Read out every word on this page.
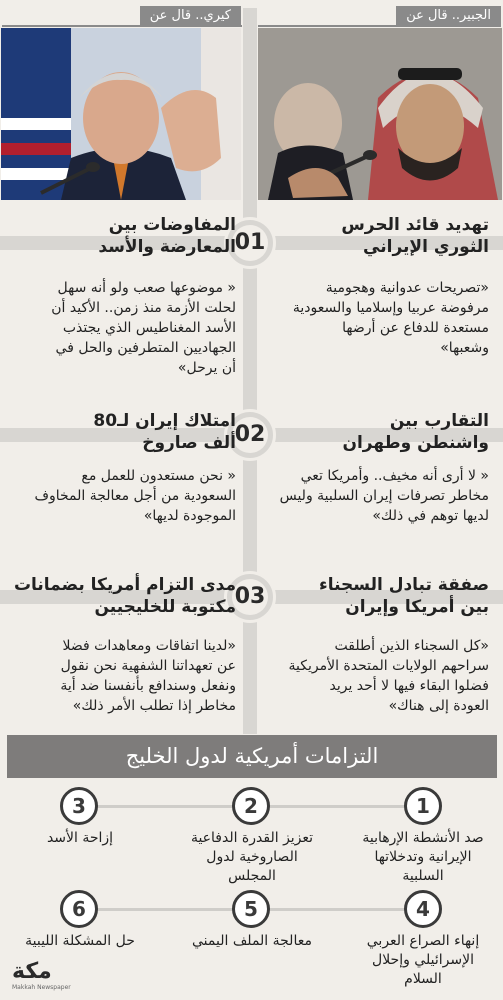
الجبير.. قال عن
كيري.. قال عن
01
تهديد قائد الحرس
الثوري الإيراني
المفاوضات بين
المعارضة والأسد
«تصريحات عدوانية وهجومية
مرفوضة عربيا وإسلاميا والسعودية
مستعدة للدفاع عن أرضها
وشعبها»
« موضوعها صعب ولو أنه سهل
لحلت الأزمة منذ زمن.. الأكيد أن
الأسد المغناطيس الذي يجتذب
الجهاديين المتطرفين والحل في
أن يرحل»
02
التقارب بين
واشنطن وطهران
امتلاك إيران لـ80
ألف صاروخ
« لا أرى أنه مخيف.. وأمريكا تعي
مخاطر تصرفات إيران السلبية وليس
لديها توهم في ذلك»
« نحن مستعدون للعمل مع
السعودية من أجل معالجة المخاوف
الموجودة لديها»
03	صفقة تبادل السجناء
بين أمريكا وإيران
مدى التزام أمريكا بضمانات
مكتوبة للخليجيين
«كل السجناء الذين أطلقت
سراحهم الولايات المتحدة الأمريكية
فضلوا البقاء فيها لا أحد يريد
العودة إلى هناك»
«لدينا اتفاقات ومعاهدات فضلا
عن تعهداتنا الشفهية نحن نقول
ونفعل وسندافع بأنفسنا ضد أية
مخاطر إذا تطلب الأمر ذلك»
التزامات أمريكية لدول الخليج
1
2
3
صد الأنشطة الإرهابية
الإيرانية وتدخلاتها
السلبية
تعزيز القدرة الدفاعية
الصاروخية لدول
المجلس
إزاحة الأسد
4
5
6
إنهاء الصراع العربي
الإسرائيلي وإحلال
السلام
معالجة الملف اليمني
حل المشكلة الليبية
مكة
Makkah Newspaper
